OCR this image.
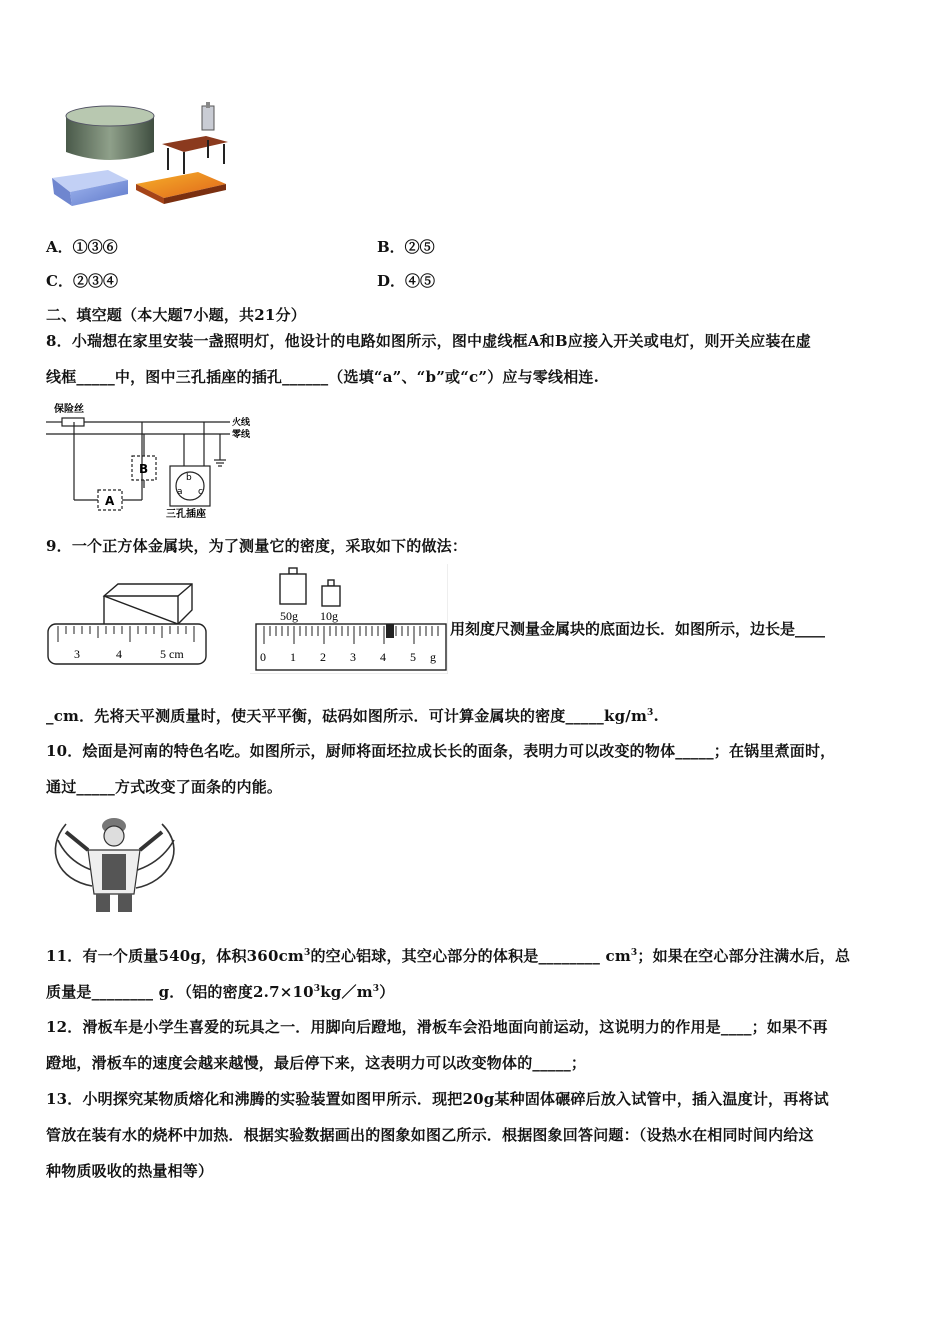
A．①③⑥	B．②⑤
C．②③④	D．④⑤
二、填空题（本大题7小题，共21分）
8．小瑞想在家里安装一盏照明灯，他设计的电路如图所示，图中虚线框A和B应接入开关或电灯，则开关应装在虚
线框_____中，图中三孔插座的插孔______（选填“a”、“b”或“c”）应与零线相连.
保险丝
火线
零线
A
B
b
a c
三孔插座
9．一个正方体金属块，为了测量它的密度，采取如下的做法：
3	4	5 cm
50g 10g
0 1 2 3 4 5 g
用刻度尺测量金属块的底面边长．如图所示，边长是____
_cm．先将天平测质量时，使天平平衡，砝码如图所示．可计算金属块的密度$\_\_\_\_\_kg/m^3$.
10．烩面是河南的特色名吃。如图所示，厨师将面坯拉成长长的面条，表明力可以改变的物体_____；在锅里煮面时，
通过_____方式改变了面条的内能。
11．有一个质量540g，体积$360cm^3$的空心铝球，其空心部分的体积是________ $cm^3$；如果在空心部分注满水后，总
质量是________ g．（铝的密度$2.7\times 10^3kg/m^3$）
12．滑板车是小学生喜爱的玩具之一．用脚向后蹬地，滑板车会沿地面向前运动，这说明力的作用是____；如果不再
蹬地，滑板车的速度会越来越慢，最后停下来，这表明力可以改变物体的_____；
13．小明探究某物质熔化和沸腾的实验装置如图甲所示．现把20g某种固体碾碎后放入试管中，插入温度计，再将试
管放在装有水的烧杯中加热．根据实验数据画出的图象如图乙所示．根据图象回答问题：（设热水在相同时间内给这
种物质吸收的热量相等）
